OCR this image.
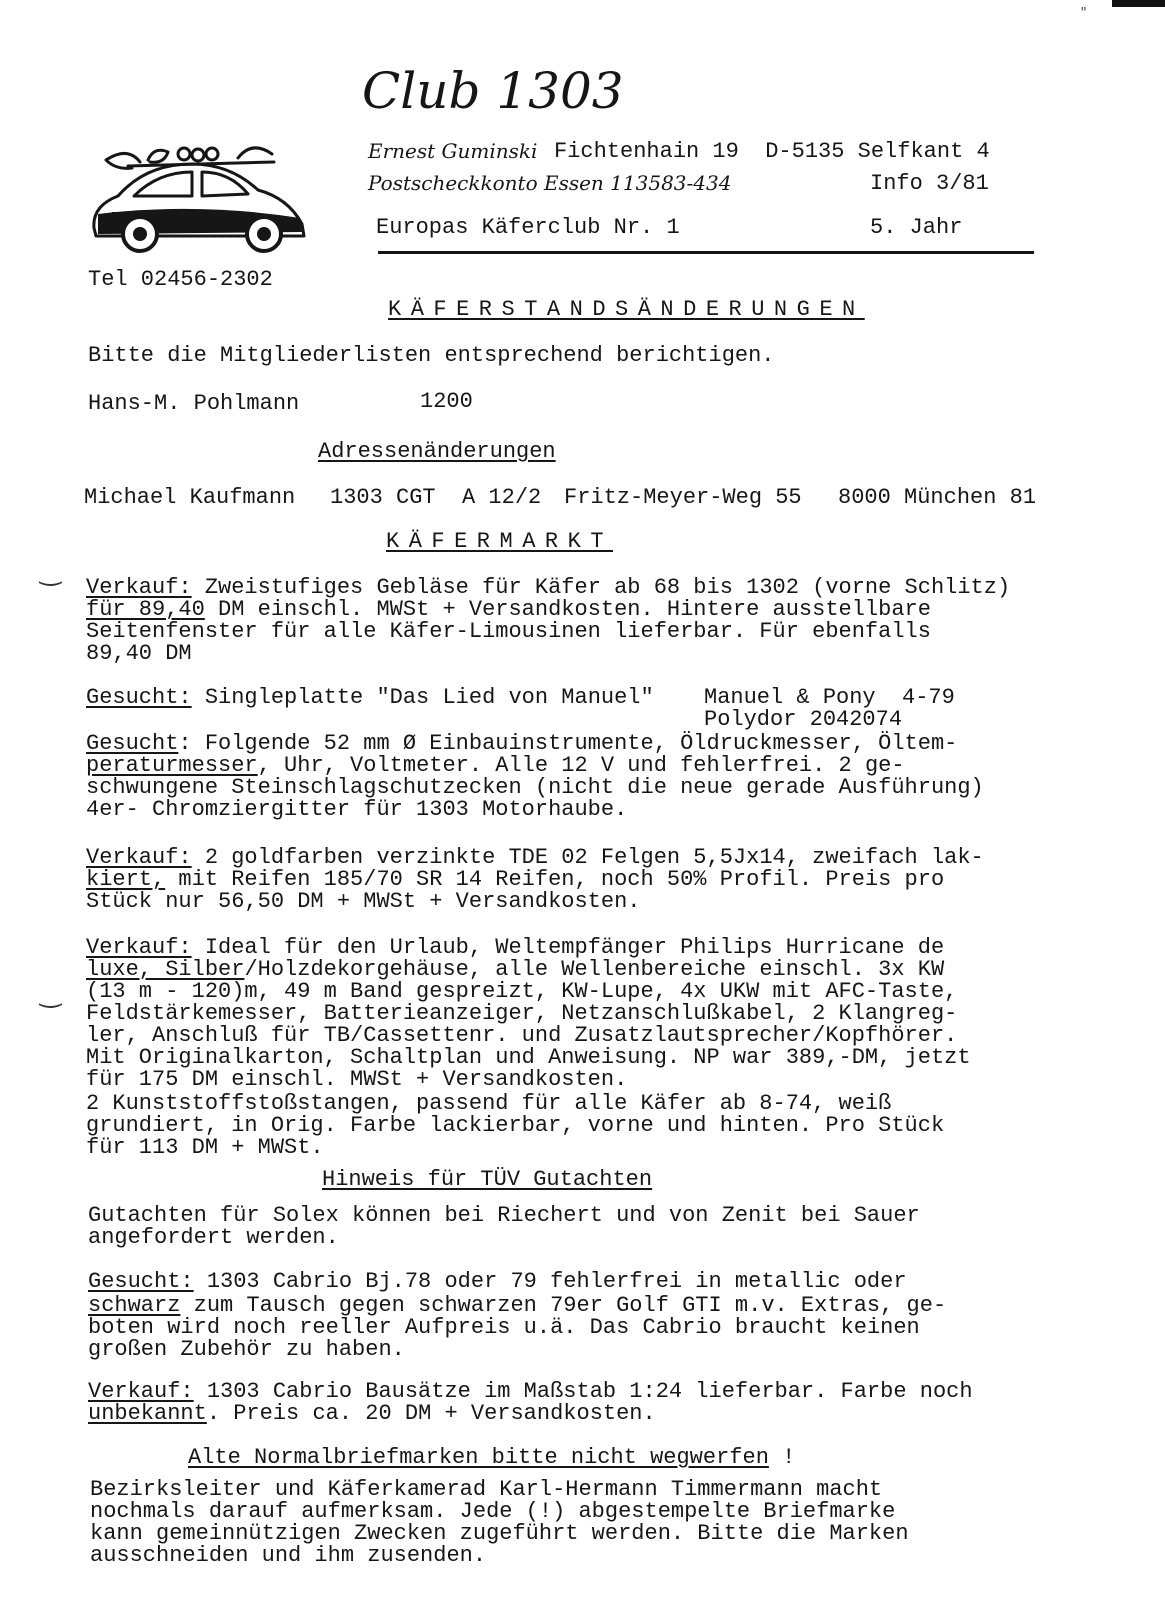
"
‿
‿
Club 1303
Ernest Guminski Fichtenhain 19  D-5135 Selfkant 4
Postscheckkonto Essen 113583-434	Info 3/81
Europas Käferclub Nr. 1	5. Jahr
Tel 02456-2302
KÄFERSTANDSÄNDERUNGEN
Bitte die Mitgliederlisten entsprechend berichtigen.
Hans-M. Pohlmann	1200
Adressenänderungen
Michael Kaufmann 1303 CGT  A 12/2 Fritz-Meyer-Weg 55 8000 München 81
KÄFERMARKT
Verkauf: Zweistufiges Gebläse für Käfer ab 68 bis 1302 (vorne Schlitz)
für 89,40 DM einschl. MWSt + Versandkosten. Hintere ausstellbare
Seitenfenster für alle Käfer-Limousinen lieferbar. Für ebenfalls
89,40 DM
Gesucht: Singleplatte "Das Lied von Manuel" Manuel & Pony  4-79
Polydor 2042074
Gesucht: Folgende 52 mm Ø Einbauinstrumente, Öldruckmesser, Öltem-
peraturmesser, Uhr, Voltmeter. Alle 12 V und fehlerfrei. 2 ge-
schwungene Steinschlagschutzecken (nicht die neue gerade Ausführung)
4er- Chromziergitter für 1303 Motorhaube.
Verkauf: 2 goldfarben verzinkte TDE 02 Felgen 5,5Jx14, zweifach lak-
kiert, mit Reifen 185/70 SR 14 Reifen, noch 50% Profil. Preis pro
Stück nur 56,50 DM + MWSt + Versandkosten.
Verkauf: Ideal für den Urlaub, Weltempfänger Philips Hurricane de
luxe, Silber/Holzdekorgehäuse, alle Wellenbereiche einschl. 3x KW
(13 m - 120)m, 49 m Band gespreizt, KW-Lupe, 4x UKW mit AFC-Taste,
Feldstärkemesser, Batterieanzeiger, Netzanschlußkabel, 2 Klangreg-
ler, Anschluß für TB/Cassettenr. und Zusatzlautsprecher/Kopfhörer.
Mit Originalkarton, Schaltplan und Anweisung. NP war 389,-DM, jetzt
für 175 DM einschl. MWSt + Versandkosten.
2 Kunststoffstoßstangen, passend für alle Käfer ab 8-74, weiß
grundiert, in Orig. Farbe lackierbar, vorne und hinten. Pro Stück
für 113 DM + MWSt.
Hinweis für TÜV Gutachten
Gutachten für Solex können bei Riechert und von Zenit bei Sauer
angefordert werden.
Gesucht: 1303 Cabrio Bj.78 oder 79 fehlerfrei in metallic oder
schwarz zum Tausch gegen schwarzen 79er Golf GTI m.v. Extras, ge-
boten wird noch reeller Aufpreis u.ä. Das Cabrio braucht keinen
großen Zubehör zu haben.
Verkauf: 1303 Cabrio Bausätze im Maßstab 1:24 lieferbar. Farbe noch
unbekannt. Preis ca. 20 DM + Versandkosten.
Alte Normalbriefmarken bitte nicht wegwerfen !
Bezirksleiter und Käferkamerad Karl-Hermann Timmermann macht
nochmals darauf aufmerksam. Jede (!) abgestempelte Briefmarke
kann gemeinnützigen Zwecken zugeführt werden. Bitte die Marken
ausschneiden und ihm zusenden.
